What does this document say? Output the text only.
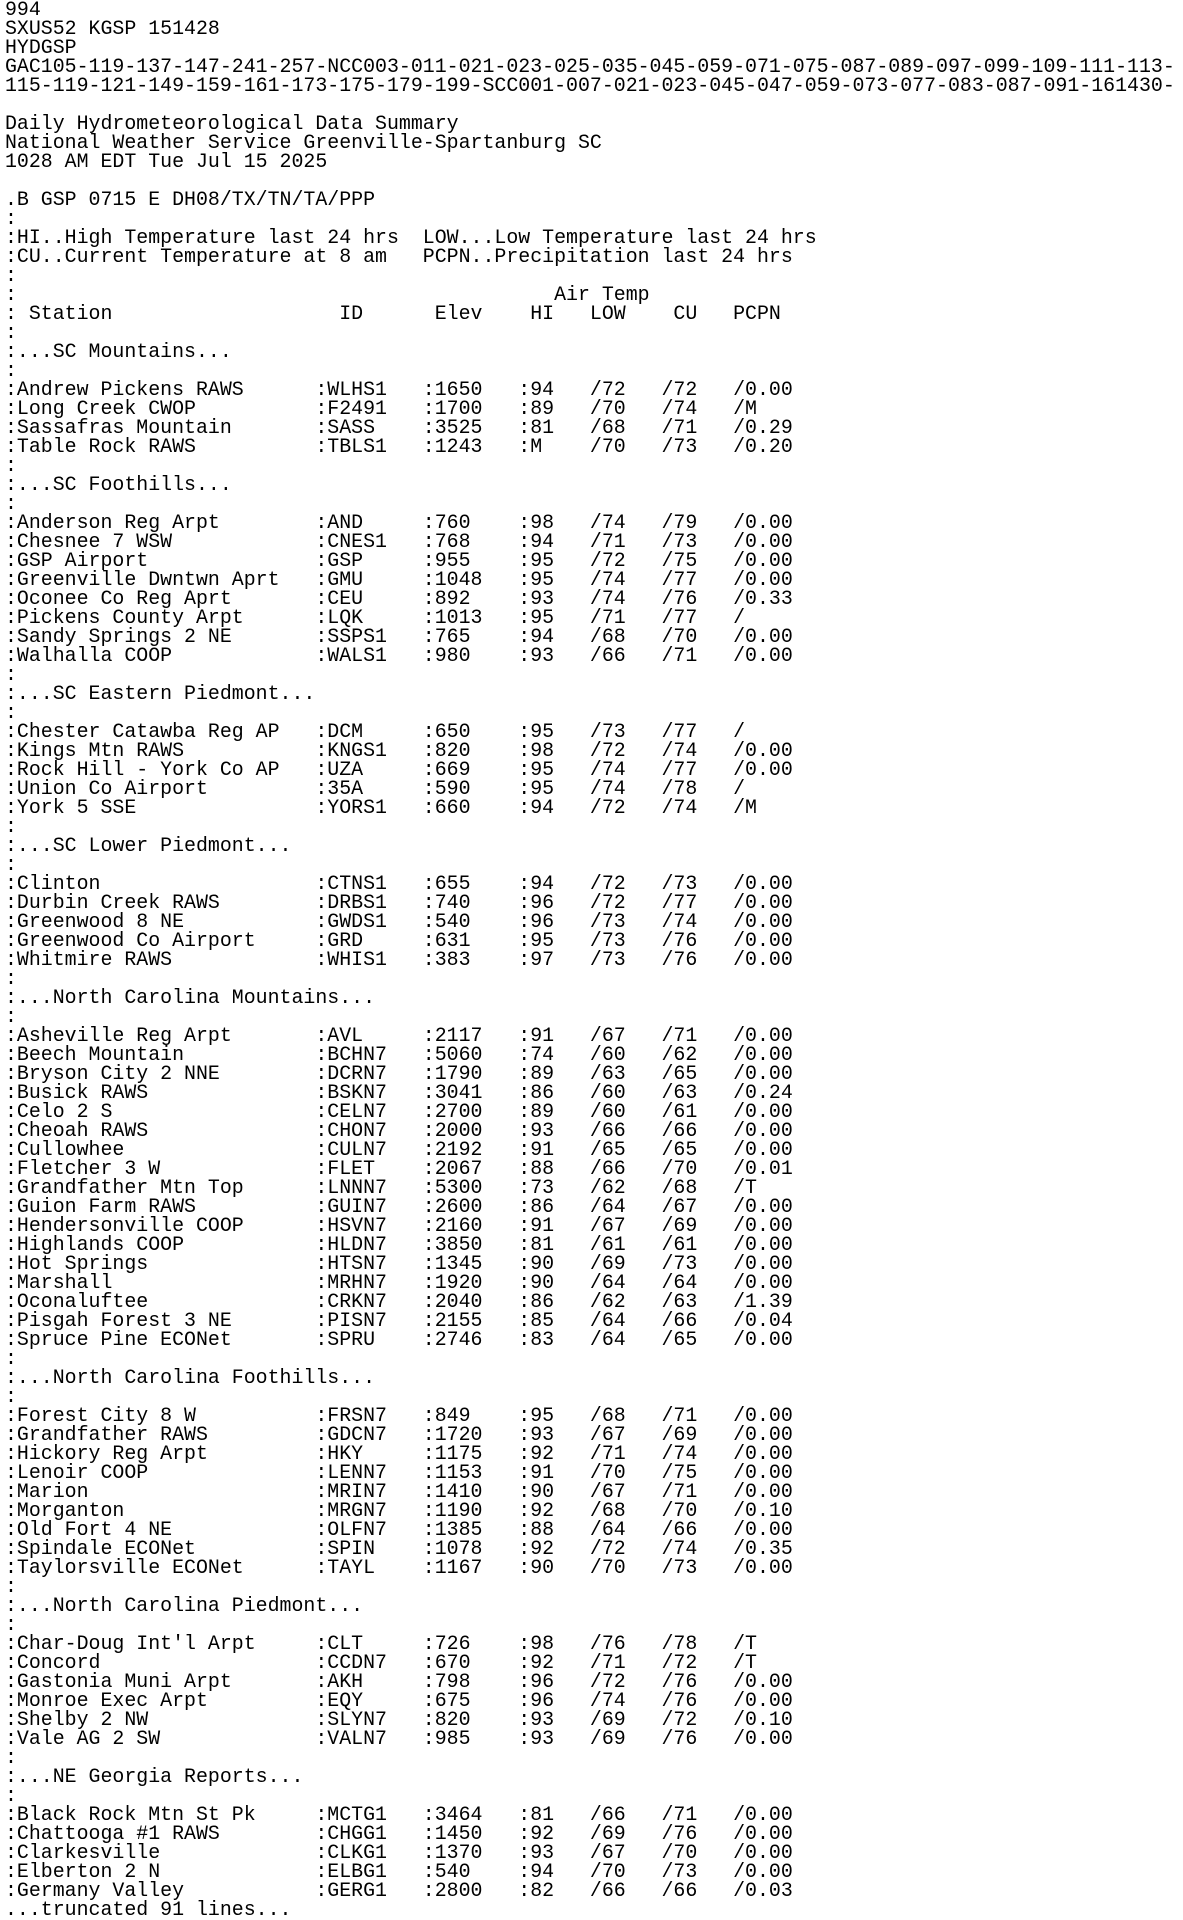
994
SXUS52 KGSP 151428
HYDGSP
GAC105-119-137-147-241-257-NCC003-011-021-023-025-035-045-059-071-075-087-089-097-099-109-111-113-
115-119-121-149-159-161-173-175-179-199-SCC001-007-021-023-045-047-059-073-077-083-087-091-161430-
Daily Hydrometeorological Data Summary
National Weather Service Greenville-Spartanburg SC
1028 AM EDT Tue Jul 15 2025
.B GSP 0715 E DH08/TX/TN/TA/PPP
:
:HI..High Temperature last 24 hrs  LOW...Low Temperature last 24 hrs
:CU..Current Temperature at 8 am   PCPN..Precipitation last 24 hrs
:
:                                             Air Temp
: Station                   ID      Elev    HI   LOW    CU   PCPN
:
:...SC Mountains...
:
:Andrew Pickens RAWS      :WLHS1   :1650   :94   /72   /72   /0.00
:Long Creek CWOP          :F2491   :1700   :89   /70   /74   /M
:Sassafras Mountain       :SASS    :3525   :81   /68   /71   /0.29
:Table Rock RAWS          :TBLS1   :1243   :M    /70   /73   /0.20
:
:...SC Foothills...
:
:Anderson Reg Arpt        :AND     :760    :98   /74   /79   /0.00
:Chesnee 7 WSW            :CNES1   :768    :94   /71   /73   /0.00
:GSP Airport              :GSP     :955    :95   /72   /75   /0.00
:Greenville Dwntwn Aprt   :GMU     :1048   :95   /74   /77   /0.00
:Oconee Co Reg Aprt       :CEU     :892    :93   /74   /76   /0.33
:Pickens County Arpt      :LQK     :1013   :95   /71   /77   /
:Sandy Springs 2 NE       :SSPS1   :765    :94   /68   /70   /0.00
:Walhalla COOP            :WALS1   :980    :93   /66   /71   /0.00
:
:...SC Eastern Piedmont...
:
:Chester Catawba Reg AP   :DCM     :650    :95   /73   /77   /
:Kings Mtn RAWS           :KNGS1   :820    :98   /72   /74   /0.00
:Rock Hill - York Co AP   :UZA     :669    :95   /74   /77   /0.00
:Union Co Airport         :35A     :590    :95   /74   /78   /
:York 5 SSE               :YORS1   :660    :94   /72   /74   /M
:
:...SC Lower Piedmont...
:
:Clinton                  :CTNS1   :655    :94   /72   /73   /0.00
:Durbin Creek RAWS        :DRBS1   :740    :96   /72   /77   /0.00
:Greenwood 8 NE           :GWDS1   :540    :96   /73   /74   /0.00
:Greenwood Co Airport     :GRD     :631    :95   /73   /76   /0.00
:Whitmire RAWS            :WHIS1   :383    :97   /73   /76   /0.00
:
:...North Carolina Mountains...
:
:Asheville Reg Arpt       :AVL     :2117   :91   /67   /71   /0.00
:Beech Mountain           :BCHN7   :5060   :74   /60   /62   /0.00
:Bryson City 2 NNE        :DCRN7   :1790   :89   /63   /65   /0.00
:Busick RAWS              :BSKN7   :3041   :86   /60   /63   /0.24
:Celo 2 S                 :CELN7   :2700   :89   /60   /61   /0.00
:Cheoah RAWS              :CHON7   :2000   :93   /66   /66   /0.00
:Cullowhee                :CULN7   :2192   :91   /65   /65   /0.00
:Fletcher 3 W             :FLET    :2067   :88   /66   /70   /0.01
:Grandfather Mtn Top      :LNNN7   :5300   :73   /62   /68   /T
:Guion Farm RAWS          :GUIN7   :2600   :86   /64   /67   /0.00
:Hendersonville COOP      :HSVN7   :2160   :91   /67   /69   /0.00
:Highlands COOP           :HLDN7   :3850   :81   /61   /61   /0.00
:Hot Springs              :HTSN7   :1345   :90   /69   /73   /0.00
:Marshall                 :MRHN7   :1920   :90   /64   /64   /0.00
:Oconaluftee              :CRKN7   :2040   :86   /62   /63   /1.39
:Pisgah Forest 3 NE       :PISN7   :2155   :85   /64   /66   /0.04
:Spruce Pine ECONet       :SPRU    :2746   :83   /64   /65   /0.00
:
:...North Carolina Foothills...
:
:Forest City 8 W          :FRSN7   :849    :95   /68   /71   /0.00
:Grandfather RAWS         :GDCN7   :1720   :93   /67   /69   /0.00
:Hickory Reg Arpt         :HKY     :1175   :92   /71   /74   /0.00
:Lenoir COOP              :LENN7   :1153   :91   /70   /75   /0.00
:Marion                   :MRIN7   :1410   :90   /67   /71   /0.00
:Morganton                :MRGN7   :1190   :92   /68   /70   /0.10
:Old Fort 4 NE            :OLFN7   :1385   :88   /64   /66   /0.00
:Spindale ECONet          :SPIN    :1078   :92   /72   /74   /0.35
:Taylorsville ECONet      :TAYL    :1167   :90   /70   /73   /0.00
:
:...North Carolina Piedmont...
:
:Char-Doug Int'l Arpt     :CLT     :726    :98   /76   /78   /T
:Concord                  :CCDN7   :670    :92   /71   /72   /T
:Gastonia Muni Arpt       :AKH     :798    :96   /72   /76   /0.00
:Monroe Exec Arpt         :EQY     :675    :96   /74   /76   /0.00
:Shelby 2 NW              :SLYN7   :820    :93   /69   /72   /0.10
:Vale AG 2 SW             :VALN7   :985    :93   /69   /76   /0.00
:
:...NE Georgia Reports...
:
:Black Rock Mtn St Pk     :MCTG1   :3464   :81   /66   /71   /0.00
:Chattooga #1 RAWS        :CHGG1   :1450   :92   /69   /76   /0.00
:Clarkesville             :CLKG1   :1370   :93   /67   /70   /0.00
:Elberton 2 N             :ELBG1   :540    :94   /70   /73   /0.00
:Germany Valley           :GERG1   :2800   :82   /66   /66   /0.03
...truncated 91 lines...
